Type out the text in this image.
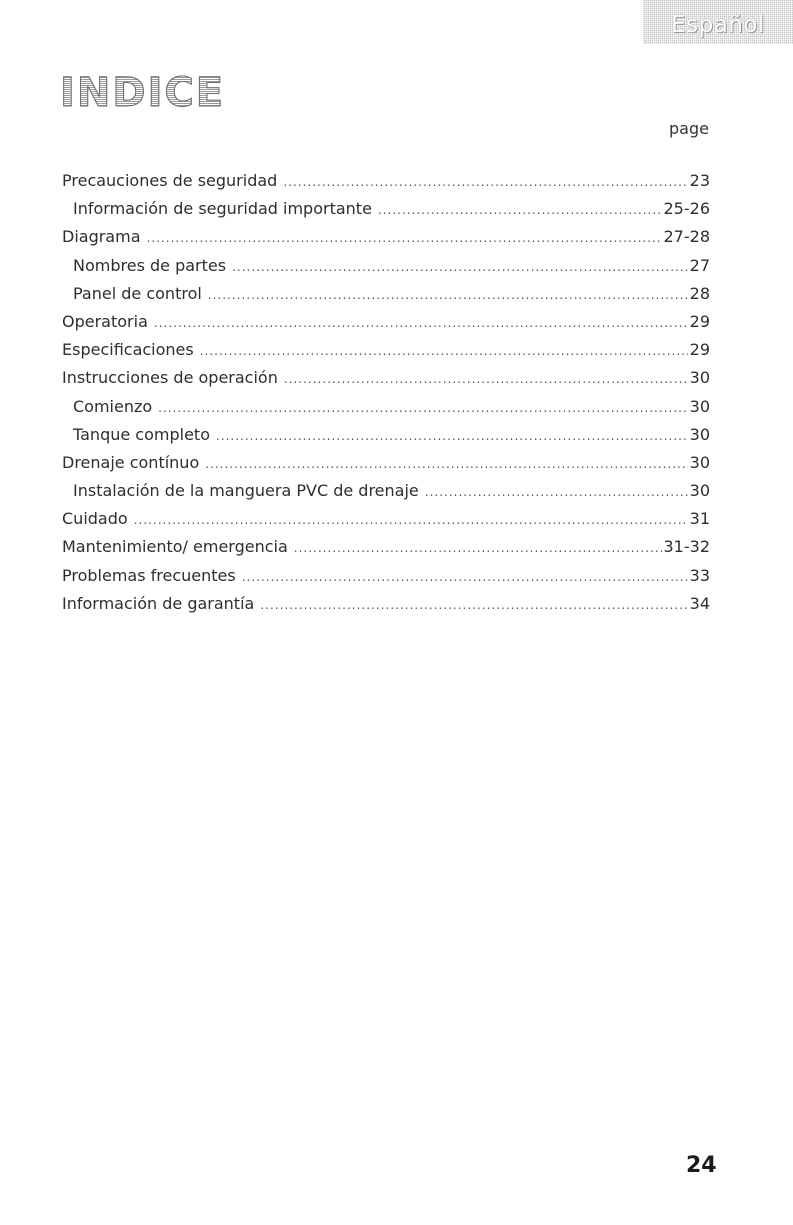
Español
INDICE
page
Precauciones de seguridad .....	23
Información de seguridad importante .....	25-26
Diagrama .....	27-28
Nombres de partes .....	27
Panel de control .....	28
Operatoria .....	29
Especificaciones .....	29
Instrucciones de operación .....	30
Comienzo .....	30
Tanque completo .....	30
Drenaje contínuo .....	30
Instalación de la manguera PVC de drenaje .....	30
Cuidado .....	31
Mantenimiento/ emergencia .....	31-32
Problemas frecuentes .....	33
Información de garantía .....	34
24
